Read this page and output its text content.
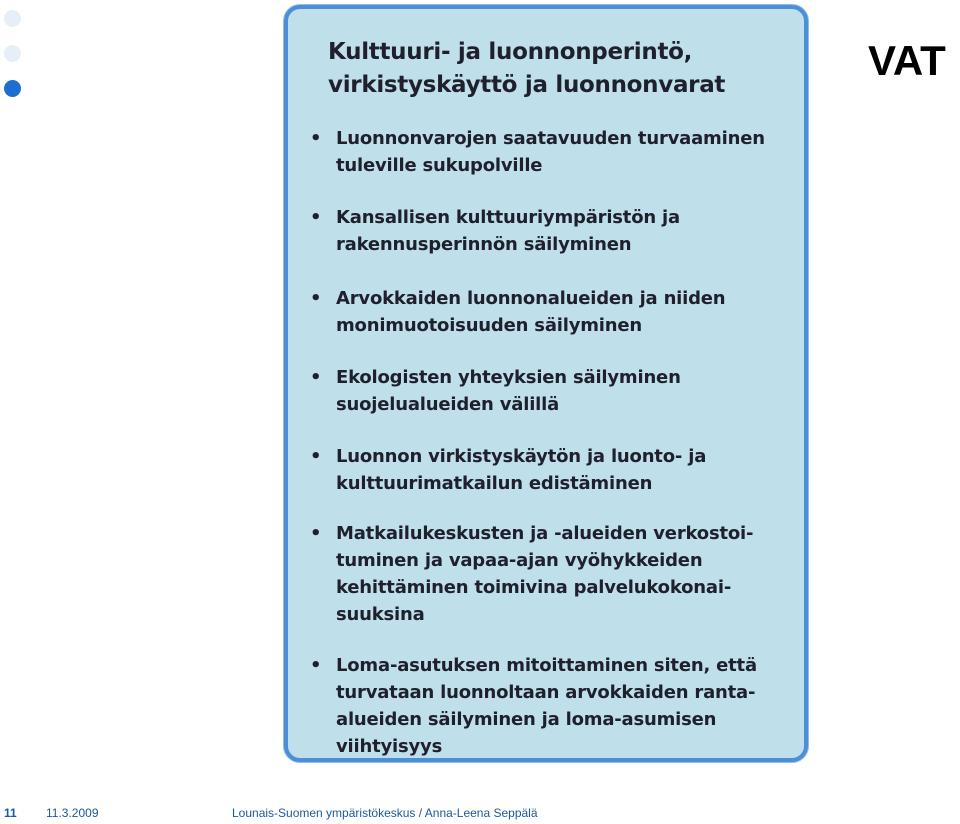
VAT
Kulttuuri- ja luonnonperintö,
virkistyskäyttö ja luonnonvarat
• Luonnonvarojen saatavuuden turvaaminen
tuleville sukupolville
• Kansallisen kulttuuriympäristön ja
rakennusperinnön säilyminen
• Arvokkaiden luonnonalueiden ja niiden
monimuotoisuuden säilyminen
• Ekologisten yhteyksien säilyminen
suojelualueiden välillä
• Luonnon virkistyskäytön ja luonto- ja
kulttuurimatkailun edistäminen
• Matkailukeskusten ja -alueiden verkostoi-
tuminen ja vapaa-ajan vyöhykkeiden
kehittäminen toimivina palvelukokonai-
suuksina
• Loma-asutuksen mitoittaminen siten, että
turvataan luonnoltaan arvokkaiden ranta-
alueiden säilyminen ja loma-asumisen
viihtyisyys
11 11.3.2009	Lounais-Suomen ympäristökeskus / Anna-Leena Seppälä
